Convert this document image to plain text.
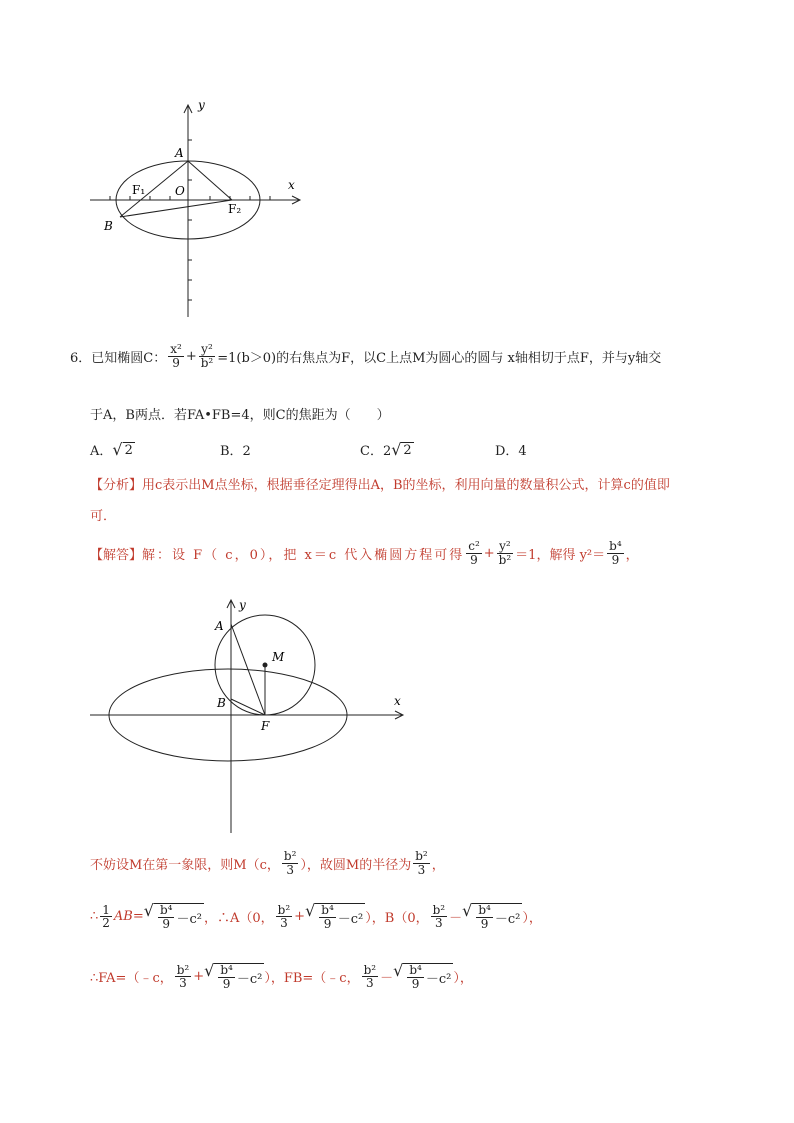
y
x
A
O
F₁
F₂
B
6． 已知椭圆C： $\frac{\text{x²}}{9} + \frac{\text{y²}}{\text{b²}} =1(b>0)$的右焦点为F，以C上点M为圆心的圆与 x轴相切于点F，并与y轴交
于A，B两点．若FA•FB=4，则C的焦距为（　　）
A． √ 2	B．2	C．2 √ 2	D．4
【分析】用c表示出M点坐标，根据垂径定理得出A，B的坐标，利用向量的数量积公式，计算c的值即
可．
【解答】 解：设 F（ c，0），把 x＝c 代入椭圆方程可得 $\frac{\text{c²}}{9} + \frac{\text{y²}}{\text{b²}} =1$，解得 $y^2= \frac{\text{b⁴}}{9}$ ，
y
x
A
M
B
F
不妨设M在第一象限，则M（c， $\frac{\text{b²}}{3}$ ），故圆M的半径为 $\frac{\text{b²}}{3}$ ，
∴ $\frac{1}{2}$ AB = √ $\frac{\text{b⁴}}{9} -c^2$ ，∴A（0， $\frac{\text{b²}}{3}$ + √ $\frac{\text{b⁴}}{9} -c^2$ ），B（0， $\frac{\text{b²}}{3}$ － √ $\frac{\text{b⁴}}{9} -c^2$ ），
∴FA=（﹣c， $\frac{\text{b²}}{3}$ + √ $\frac{\text{b⁴}}{9} -c^2$ ），FB=（﹣c， $\frac{\text{b²}}{3}$ － √ $\frac{\text{b⁴}}{9} -c^2$ ），
